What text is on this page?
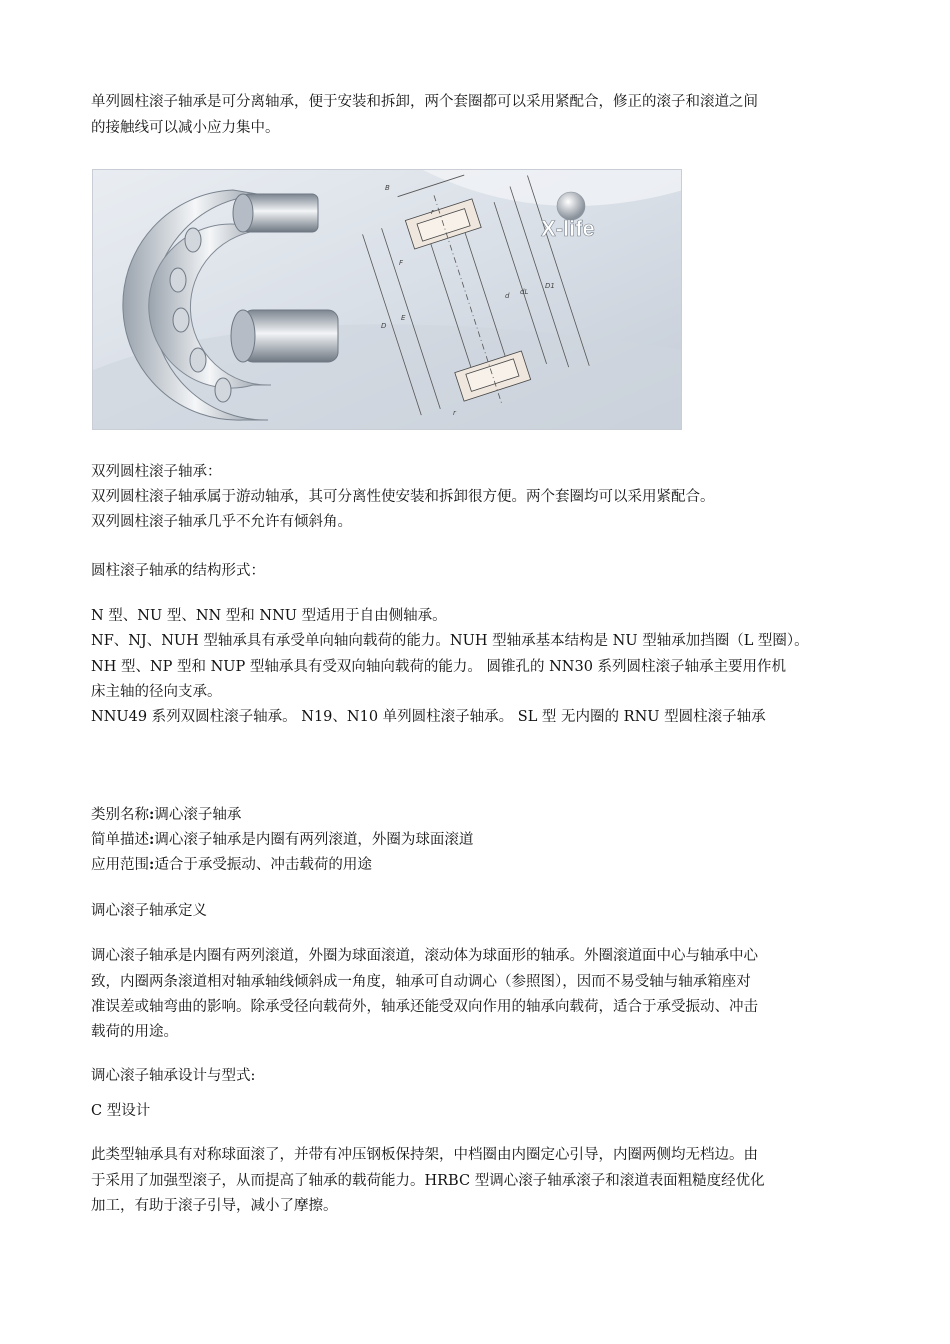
单列圆柱滚子轴承是可分离轴承，便于安装和拆卸，两个套圈都可以采用紧配合，修正的滚子和滚道之间
的接触线可以减小应力集中。
B
r
F
d dL
D1
D
E
r
X-life
双列圆柱滚子轴承：
双列圆柱滚子轴承属于游动轴承，其可分离性使安装和拆卸很方便。两个套圈均可以采用紧配合。
双列圆柱滚子轴承几乎不允许有倾斜角。
圆柱滚子轴承的结构形式：
N 型、NU 型、NN 型和 NNU 型适用于自由侧轴承。
NF、NJ、NUH 型轴承具有承受单向轴向载荷的能力。NUH 型轴承基本结构是 NU 型轴承加挡圈（L 型圈）。
NH 型、NP 型和 NUP 型轴承具有受双向轴向载荷的能力。 圆锥孔的 NN30 系列圆柱滚子轴承主要用作机
床主轴的径向支承。
NNU49 系列双圆柱滚子轴承。 N19、N10 单列圆柱滚子轴承。 SL 型 无内圈的 RNU 型圆柱滚子轴承
类别名称:调心滚子轴承
简单描述:调心滚子轴承是内圈有两列滚道，外圈为球面滚道
应用范围:适合于承受振动、冲击载荷的用途
调心滚子轴承定义
调心滚子轴承是内圈有两列滚道，外圈为球面滚道，滚动体为球面形的轴承。外圈滚道面中心与轴承中心
致，内圈两条滚道相对轴承轴线倾斜成一角度，轴承可自动调心（参照图），因而不易受轴与轴承箱座对
准误差或轴弯曲的影响。除承受径向载荷外，轴承还能受双向作用的轴承向载荷，适合于承受振动、冲击
载荷的用途。
调心滚子轴承设计与型式:
C 型设计
此类型轴承具有对称球面滚了，并带有冲压钢板保持架，中档圈由内圈定心引导，内圈两侧均无档边。由
于采用了加强型滚子，从而提高了轴承的载荷能力。HRBC 型调心滚子轴承滚子和滚道表面粗糙度经优化
加工，有助于滚子引导，减小了摩擦。
